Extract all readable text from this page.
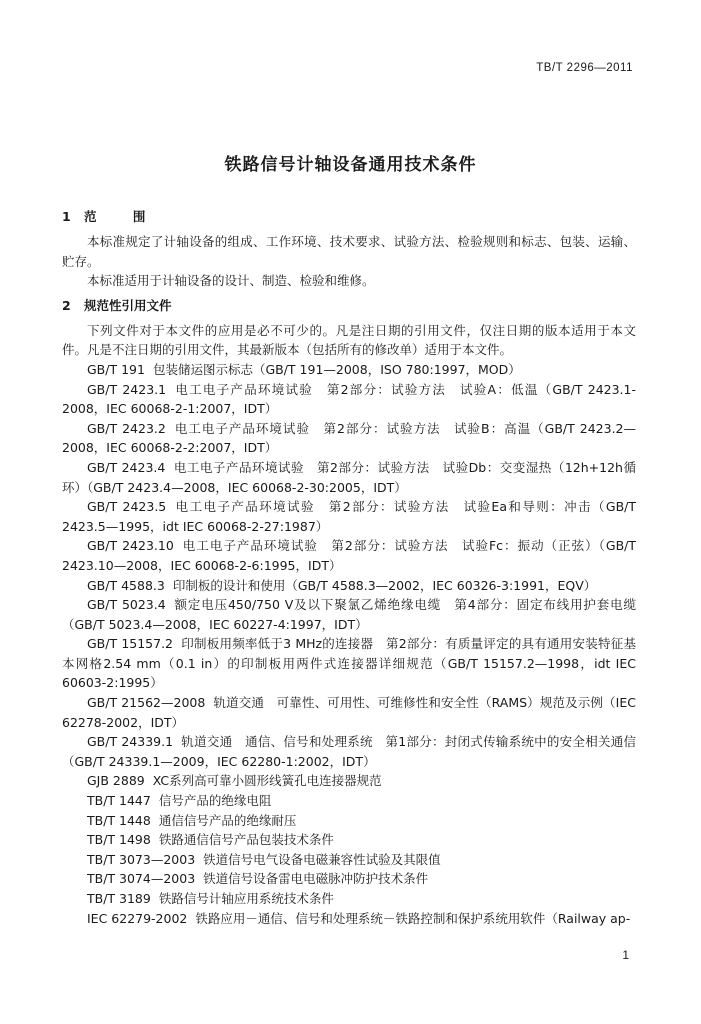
TB/T 2296—2011
铁路信号计轴设备通用技术条件
1 范 围

本标准规定了计轴设备的组成、工作环境、技术要求、试验方法、检验规则和标志、包装、运输、贮存。

本标准适用于计轴设备的设计、制造、检验和维修。

2 规范性引用文件

下列文件对于本文件的应用是必不可少的。凡是注日期的引用文件，仅注日期的版本适用于本文件。凡是不注日期的引用文件，其最新版本（包括所有的修改单）适用于本文件。

GB/T 191 包装储运图示标志（GB/T 191—2008，ISO 780:1997，MOD）
GB/T 2423.1 电工电子产品环境试验　第2部分：试验方法　试验A：低温（GB/T 2423.1-2008，IEC 60068-2-1:2007，IDT）
GB/T 2423.2 电工电子产品环境试验　第2部分：试验方法　试验B：高温（GB/T 2423.2—2008，IEC 60068-2-2:2007，IDT）
GB/T 2423.4 电工电子产品环境试验　第2部分：试验方法　试验Db：交变湿热（12h+12h循环）（GB/T 2423.4—2008，IEC 60068-2-30:2005，IDT）
GB/T 2423.5 电工电子产品环境试验　第2部分：试验方法　试验Ea和导则：冲击（GB/T 2423.5—1995，idt IEC 60068-2-27:1987）
GB/T 2423.10 电工电子产品环境试验　第2部分：试验方法　试验Fc：振动（正弦）（GB/T 2423.10—2008，IEC 60068-2-6:1995，IDT）
GB/T 4588.3 印制板的设计和使用（GB/T 4588.3—2002，IEC 60326-3:1991，EQV）
GB/T 5023.4 额定电压450/750 V及以下聚氯乙烯绝缘电缆　第4部分：固定布线用护套电缆（GB/T 5023.4—2008，IEC 60227-4:1997，IDT）
GB/T 15157.2 印制板用频率低于3 MHz的连接器　第2部分：有质量评定的具有通用安装特征基本网格2.54 mm（0.1 in）的印制板用两件式连接器详细规范（GB/T 15157.2—1998，idt IEC 60603-2:1995）
GB/T 21562—2008 轨道交通　可靠性、可用性、可维修性和安全性（RAMS）规范及示例（IEC 62278-2002，IDT）
GB/T 24339.1 轨道交通　通信、信号和处理系统　第1部分：封闭式传输系统中的安全相关通信（GB/T 24339.1—2009，IEC 62280-1:2002，IDT）
GJB 2889 XC系列高可靠小圆形线簧孔电连接器规范
TB/T 1447 信号产品的绝缘电阻
TB/T 1448 通信信号产品的绝缘耐压
TB/T 1498 铁路通信信号产品包装技术条件
TB/T 3073—2003 铁道信号电气设备电磁兼容性试验及其限值
TB/T 3074—2003 铁道信号设备雷电电磁脉冲防护技术条件
TB/T 3189 铁路信号计轴应用系统技术条件
IEC 62279-2002 铁路应用－通信、信号和处理系统－铁路控制和保护系统用软件（Railway ap-
1
